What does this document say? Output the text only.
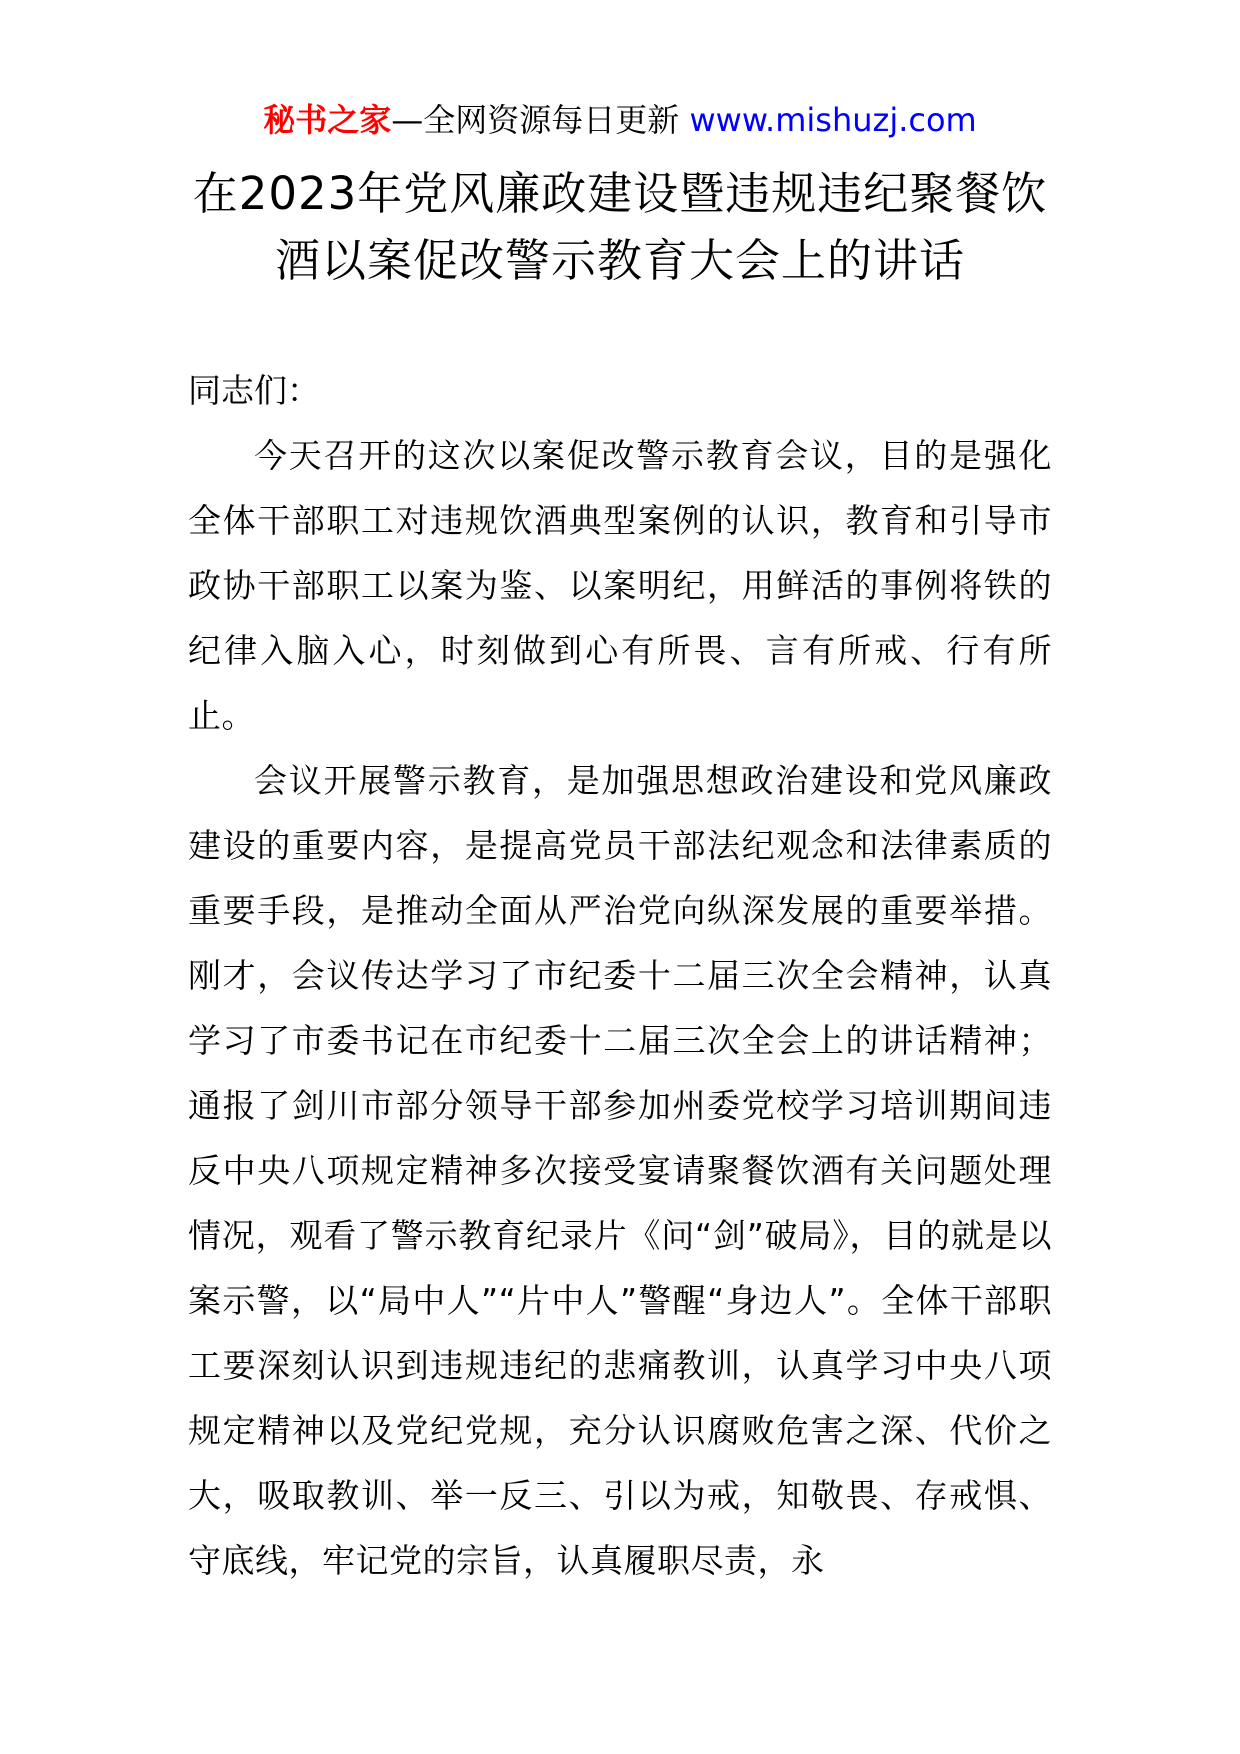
秘书之家—全网资源每日更新 www.mishuzj.com
在2023年党风廉政建设暨违规违纪聚餐饮
酒以案促改警示教育大会上的讲话
同志们：
今天召开的这次以案促改警示教育会议，目的是强化全体干部职工对违规饮酒典型案例的认识，教育和引导市政协干部职工以案为鉴、以案明纪，用鲜活的事例将铁的纪律入脑入心，时刻做到心有所畏、言有所戒、行有所止。
会议开展警示教育，是加强思想政治建设和党风廉政建设的重要内容，是提高党员干部法纪观念和法律素质的重要手段，是推动全面从严治党向纵深发展的重要举措。刚才，会议传达学习了市纪委十二届三次全会精神，认真学习了市委书记在市纪委十二届三次全会上的讲话精神；通报了剑川市部分领导干部参加州委党校学习培训期间违反中央八项规定精神多次接受宴请聚餐饮酒有关问题处理情况，观看了警示教育纪录片《问“剑”破局》，目的就是以案示警，以“局中人”“片中人”警醒“身边人”。全体干部职工要深刻认识到违规违纪的悲痛教训，认真学习中央八项规定精神以及党纪党规，充分认识腐败危害之深、代价之大，吸取教训、举一反三、引以为戒，知敬畏、存戒惧、守底线，牢记党的宗旨，认真履职尽责，永
